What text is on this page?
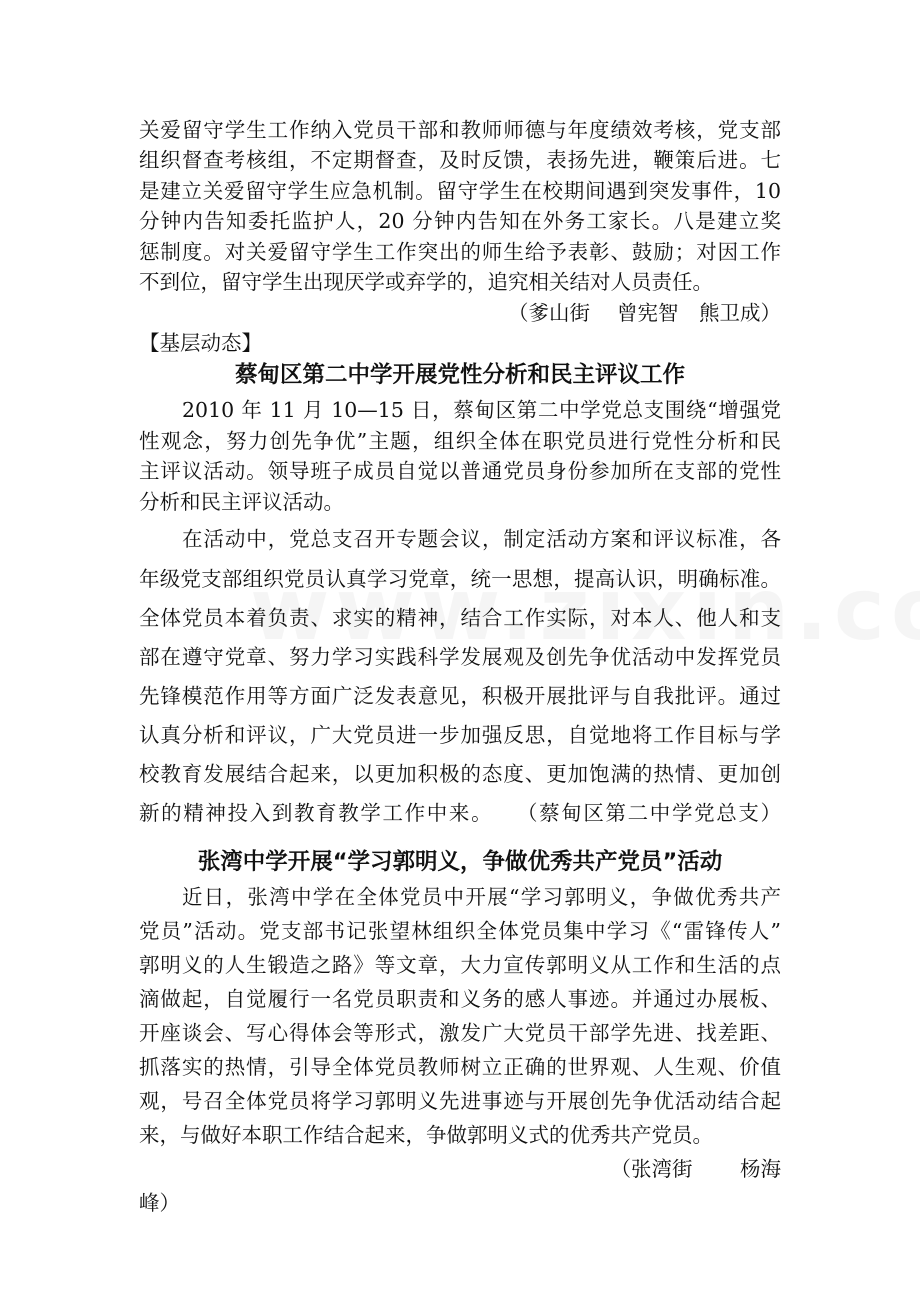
关爱留守学生工作纳入党员干部和教师师德与年度绩效考核，党支部
组织督查考核组，不定期督查，及时反馈，表扬先进，鞭策后进。七
是建立关爱留守学生应急机制。留守学生在校期间遇到突发事件，10
分钟内告知委托监护人，20 分钟内告知在外务工家长。八是建立奖
惩制度。对关爱留守学生工作突出的师生给予表彰、鼓励；对因工作
不到位，留守学生出现厌学或弃学的，追究相关结对人员责任。
（爹山街　 曾宪智　熊卫成）
【基层动态】
蔡甸区第二中学开展党性分析和民主评议工作
2010 年 11 月 10—15 日，蔡甸区第二中学党总支围绕“增强党
性观念，努力创先争优”主题，组织全体在职党员进行党性分析和民
主评议活动。领导班子成员自觉以普通党员身份参加所在支部的党性
分析和民主评议活动。
在活动中，党总支召开专题会议，制定活动方案和评议标准，各
年级党支部组织党员认真学习党章，统一思想，提高认识，明确标准。
全体党员本着负责、求实的精神，结合工作实际，对本人、他人和支
部在遵守党章、努力学习实践科学发展观及创先争优活动中发挥党员
先锋模范作用等方面广泛发表意见，积极开展批评与自我批评。通过
认真分析和评议，广大党员进一步加强反思，自觉地将工作目标与学
校教育发展结合起来，以更加积极的态度、更加饱满的热情、更加创
新的精神投入到教育教学工作中来。　　（蔡甸区第二中学党总支）
张湾中学开展“学习郭明义，争做优秀共产党员”活动
近日，张湾中学在全体党员中开展“学习郭明义，争做优秀共产
党员”活动。党支部书记张望林组织全体党员集中学习《“雷锋传人”
郭明义的人生锻造之路》等文章，大力宣传郭明义从工作和生活的点
滴做起，自觉履行一名党员职责和义务的感人事迹。并通过办展板、
开座谈会、写心得体会等形式，激发广大党员干部学先进、找差距、
抓落实的热情，引导全体党员教师树立正确的世界观、人生观、价值
观，号召全体党员将学习郭明义先进事迹与开展创先争优活动结合起
来，与做好本职工作结合起来，争做郭明义式的优秀共产党员。
（张湾街　　 杨海
峰）
